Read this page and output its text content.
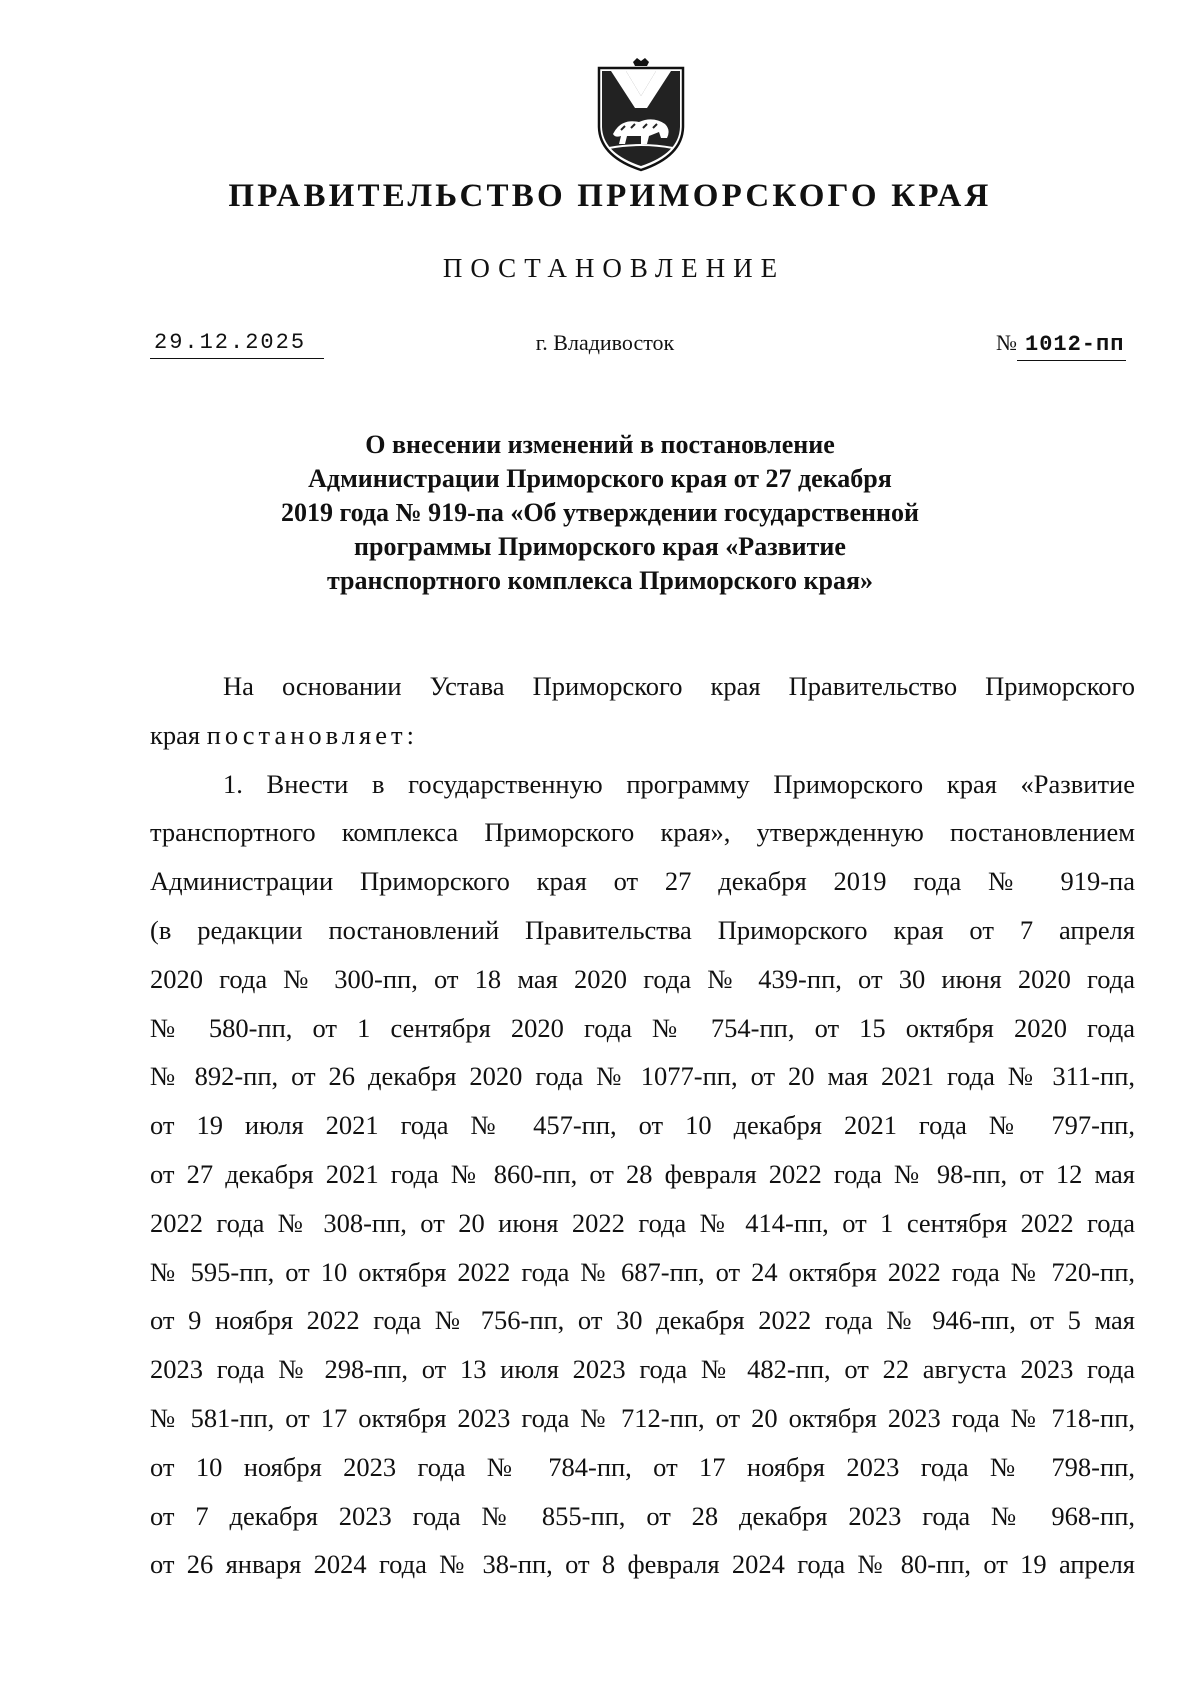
ПРАВИТЕЛЬСТВО ПРИМОРСКОГО КРАЯ
ПОСТАНОВЛЕНИЕ
29.12.2025	г. Владивосток	№ 1012-пп
О внесении изменений в постановление
Администрации Приморского края от 27 декабря
2019 года № 919-па «Об утверждении государственной
программы Приморского края «Развитие
транспортного комплекса Приморского края»
На основании Устава Приморского края Правительство Приморского
края постановляет:
1. Внести в государственную программу Приморского края «Развитие
транспортного комплекса Приморского края», утвержденную постановлением
Администрации Приморского края от 27 декабря 2019 года № 919-па
(в редакции постановлений Правительства Приморского края от 7 апреля
2020 года № 300-пп, от 18 мая 2020 года № 439-пп, от 30 июня 2020 года
№ 580-пп, от 1 сентября 2020 года № 754-пп, от 15 октября 2020 года
№ 892-пп, от 26 декабря 2020 года № 1077-пп, от 20 мая 2021 года № 311-пп,
от 19 июля 2021 года № 457-пп, от 10 декабря 2021 года № 797-пп,
от 27 декабря 2021 года № 860-пп, от 28 февраля 2022 года № 98-пп, от 12 мая
2022 года № 308-пп, от 20 июня 2022 года № 414-пп, от 1 сентября 2022 года
№ 595-пп, от 10 октября 2022 года № 687-пп, от 24 октября 2022 года № 720-пп,
от 9 ноября 2022 года № 756-пп, от 30 декабря 2022 года № 946-пп, от 5 мая
2023 года № 298-пп, от 13 июля 2023 года № 482-пп, от 22 августа 2023 года
№ 581-пп, от 17 октября 2023 года № 712-пп, от 20 октября 2023 года № 718-пп,
от 10 ноября 2023 года № 784-пп, от 17 ноября 2023 года № 798-пп,
от 7 декабря 2023 года № 855-пп, от 28 декабря 2023 года № 968-пп,
от 26 января 2024 года № 38-пп, от 8 февраля 2024 года № 80-пп, от 19 апреля
